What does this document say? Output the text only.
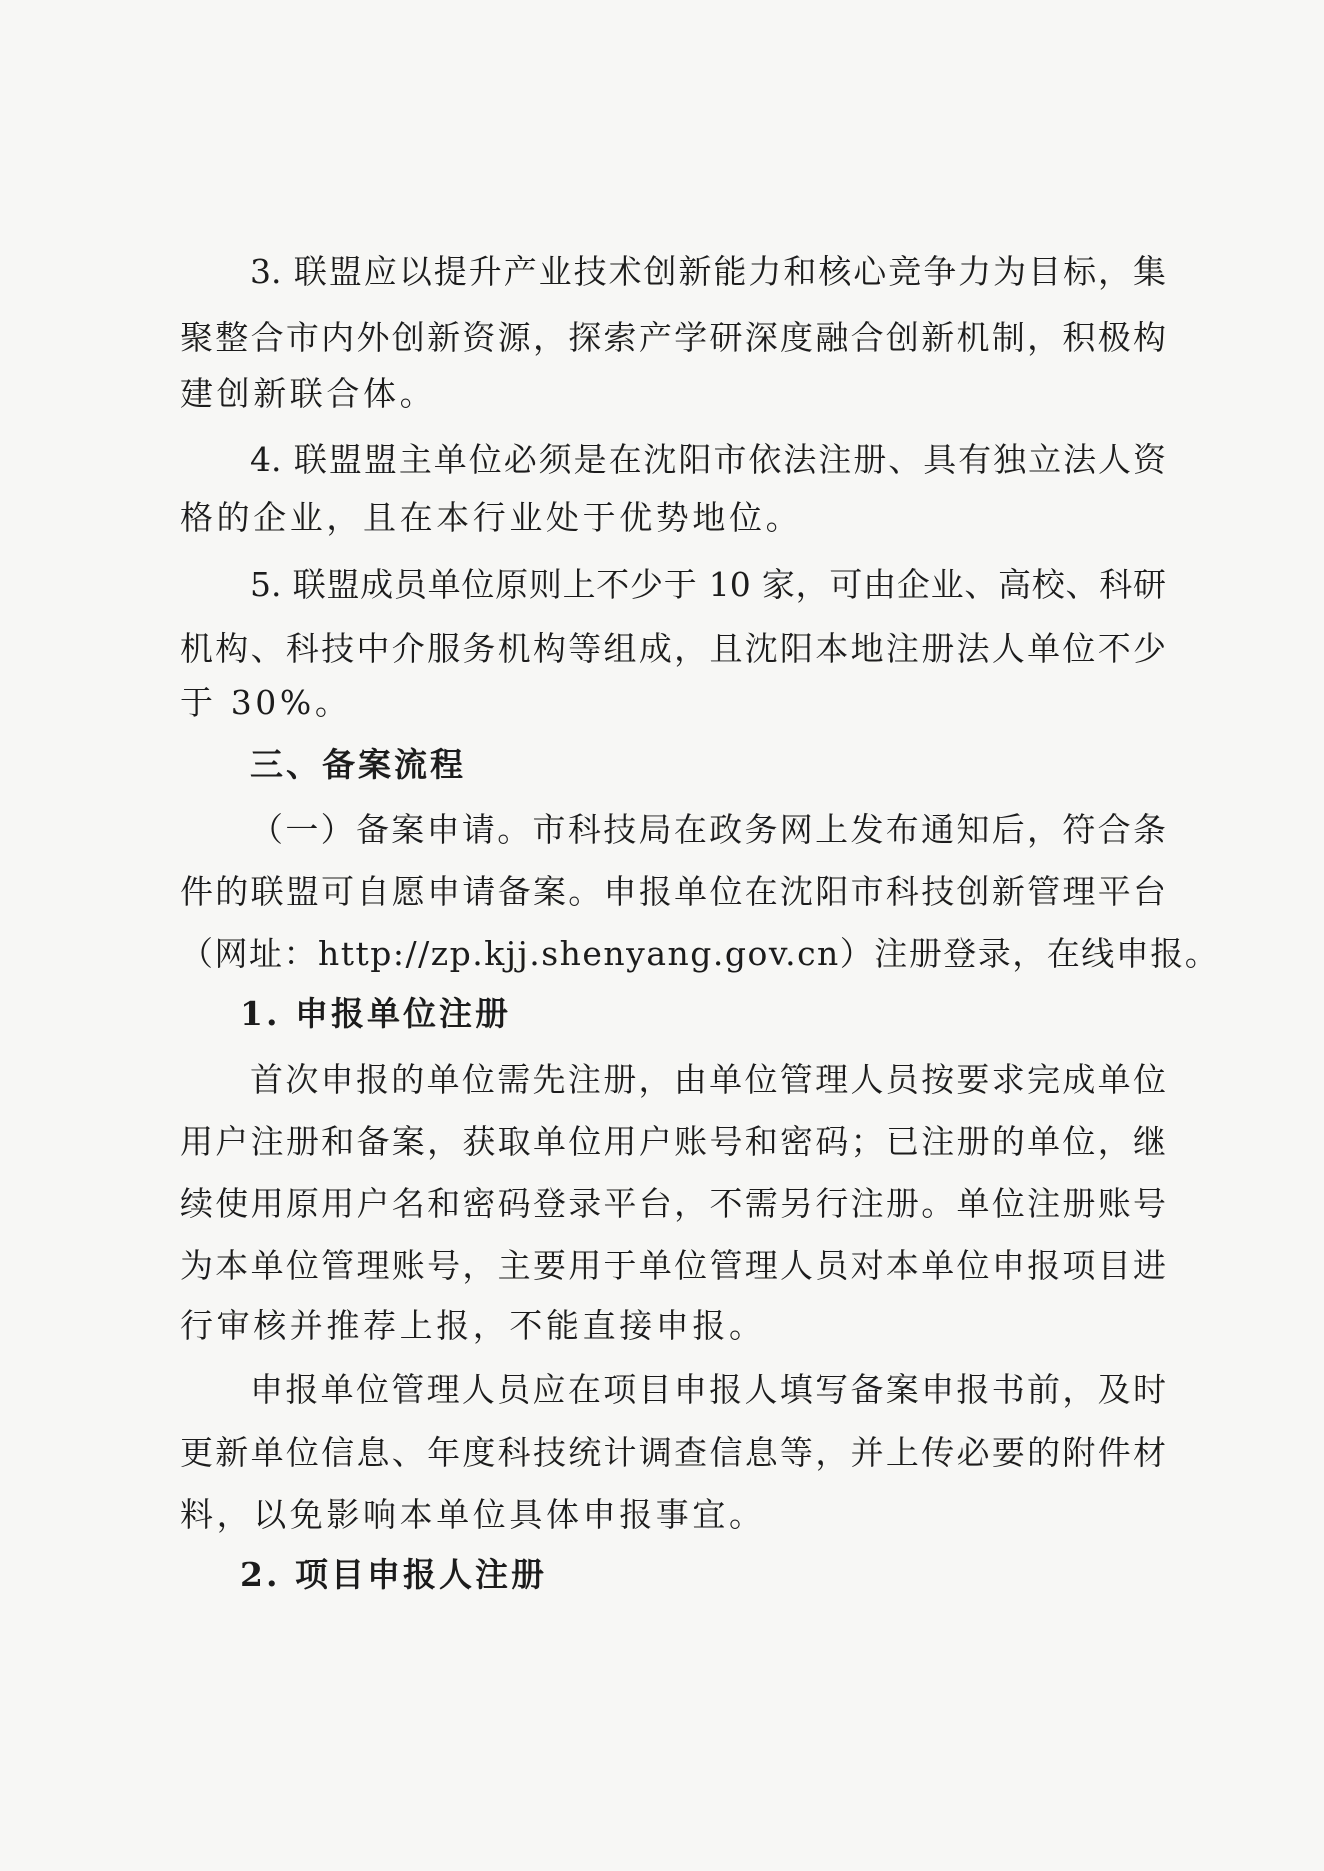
3. 联盟应以提升产业技术创新能力和核心竞争力为目标，集
聚整合市内外创新资源，探索产学研深度融合创新机制，积极构
建创新联合体。
4. 联盟盟主单位必须是在沈阳市依法注册、具有独立法人资
格的企业，且在本行业处于优势地位。
5. 联盟成员单位原则上不少于 10 家，可由企业、高校、科研
机构、科技中介服务机构等组成，且沈阳本地注册法人单位不少
于 30%。
三、备案流程
（一）备案申请。市科技局在政务网上发布通知后，符合条
件的联盟可自愿申请备案。申报单位在沈阳市科技创新管理平台
（网址：http://zp.kjj.shenyang.gov.cn）注册登录，在线申报。
1. 申报单位注册
首次申报的单位需先注册，由单位管理人员按要求完成单位
用户注册和备案，获取单位用户账号和密码；已注册的单位，继
续使用原用户名和密码登录平台，不需另行注册。单位注册账号
为本单位管理账号，主要用于单位管理人员对本单位申报项目进
行审核并推荐上报，不能直接申报。
申报单位管理人员应在项目申报人填写备案申报书前，及时
更新单位信息、年度科技统计调查信息等，并上传必要的附件材
料，以免影响本单位具体申报事宜。
2. 项目申报人注册
